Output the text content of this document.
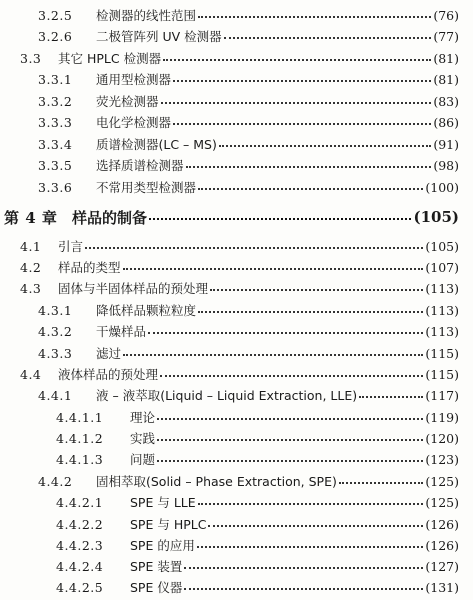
3.2.5	检测器的线性范围	(76)
3.2.6	二极管阵列 UV 检测器	(77)
3.3	其它 HPLC 检测器	(81)
3.3.1	通用型检测器	(81)
3.3.2	荧光检测器	(83)
3.3.3	电化学检测器	(86)
3.3.4	质谱检测器(LC – MS)	(91)
3.3.5	选择质谱检测器	(98)
3.3.6	不常用类型检测器	(100)
第 4 章 样品的制备	(105)
4.1	引言	(105)
4.2	样品的类型	(107)
4.3	固体与半固体样品的预处理	(113)
4.3.1	降低样品颗粒粒度	(113)
4.3.2	干燥样品	(113)
4.3.3	滤过	(115)
4.4	液体样品的预处理	(115)
4.4.1	液 – 液萃取(Liquid – Liquid Extraction, LLE)	(117)
4.4.1.1	理论	(119)
4.4.1.2	实践	(120)
4.4.1.3	问题	(123)
4.4.2	固相萃取(Solid – Phase Extraction, SPE)	(125)
4.4.2.1	SPE 与 LLE	(125)
4.4.2.2	SPE 与 HPLC	(126)
4.4.2.3	SPE 的应用	(126)
4.4.2.4	SPE 装置	(127)
4.4.2.5	SPE 仪器	(131)
